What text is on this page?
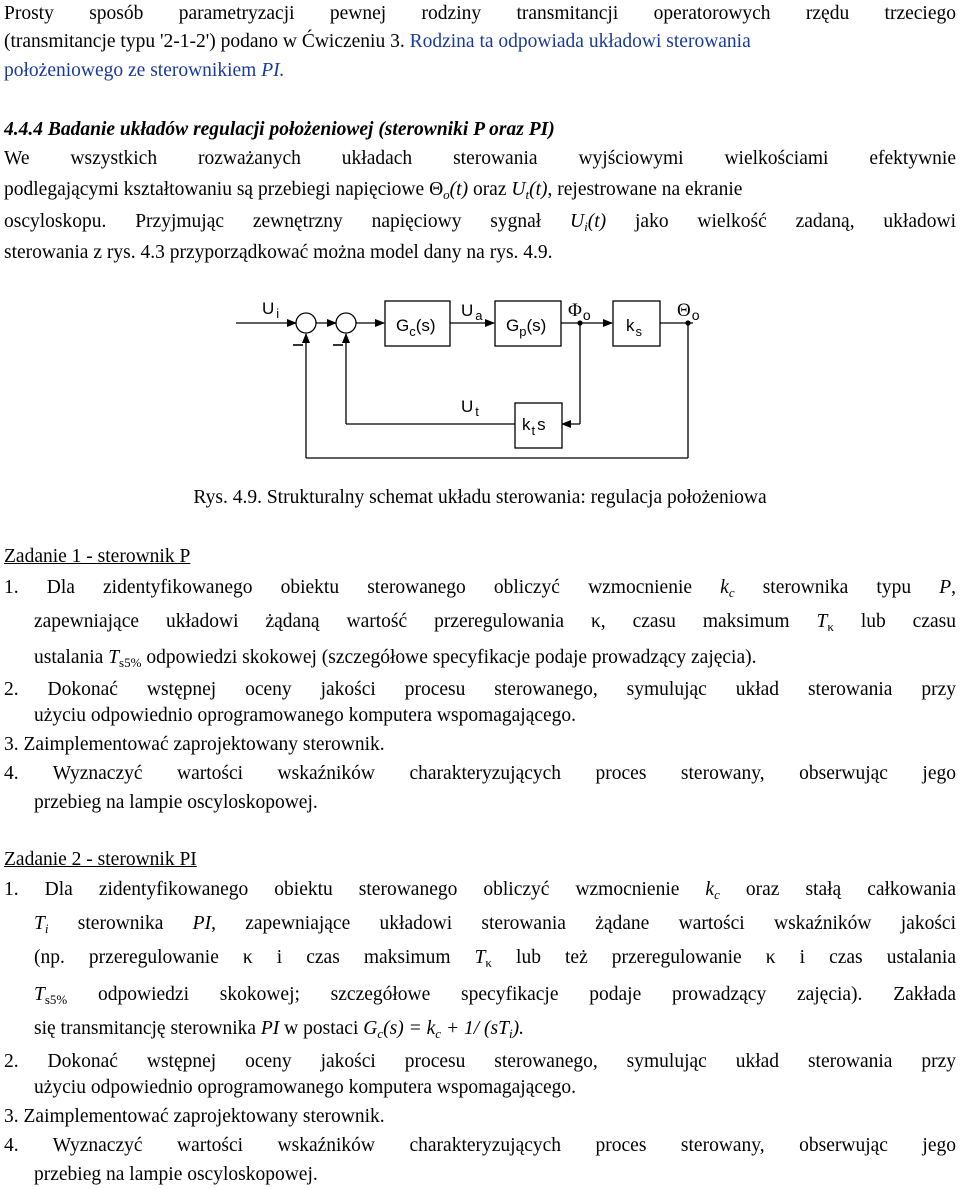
Prosty sposób parametryzacji pewnej rodziny transmitancji operatorowych rzędu trzeciego
(transmitancje typu '2-1-2') podano w Ćwiczeniu 3. Rodzina ta odpowiada układowi sterowania
położeniowego ze sterownikiem PI.
4.4.4 Badanie układów regulacji położeniowej (sterowniki P oraz PI)
We wszystkich rozważanych układach sterowania wyjściowymi wielkościami efektywnie
podlegającymi kształtowaniu są przebiegi napięciowe $\Theta_o(t)$ oraz $U_t(t)$, rejestrowane na ekranie
oscyloskopu. Przyjmując zewnętrzny napięciowy sygnał $U_i(t)$ jako wielkość zadaną, układowi
sterowania z rys. 4.3 przyporządkować można model dany na rys. 4.9.
U $_i$
$G_c(s)$
U $_a$
$G_p(s)$
$\Phi_o$
$k_s$
$\Theta_o$
U $_t$
$k_t$ s
Rys. 4.9. Strukturalny schemat układu sterowania: regulacja położeniowa
Zadanie 1 - sterownik P
1. Dla zidentyfikowanego obiektu sterowanego obliczyć wzmocnienie $k_c$ sterownika typu P,
zapewniające układowi żądaną wartość przeregulowania κ, czasu maksimum $T_\kappa$ lub czasu
ustalania $T_{s5\%}$ odpowiedzi skokowej (szczegółowe specyfikacje podaje prowadzący zajęcia).
2. Dokonać wstępnej oceny jakości procesu sterowanego, symulując układ sterowania przy
użyciu odpowiednio oprogramowanego komputera wspomagającego.
3. Zaimplementować zaprojektowany sterownik.
4. Wyznaczyć wartości wskaźników charakteryzujących proces sterowany, obserwując jego
przebieg na lampie oscyloskopowej.
Zadanie 2 - sterownik PI
1. Dla zidentyfikowanego obiektu sterowanego obliczyć wzmocnienie $k_c$ oraz stałą całkowania
$T_i$ sterownika PI, zapewniające układowi sterowania żądane wartości wskaźników jakości
(np. przeregulowanie κ i czas maksimum $T_\kappa$ lub też przeregulowanie κ i czas ustalania
$T_{s5\%}$ odpowiedzi skokowej; szczegółowe specyfikacje podaje prowadzący zajęcia). Zakłada
się transmitancję sterownika PI w postaci $G_c(s) = k_c + 1/$ $(sT_i)$.
2. Dokonać wstępnej oceny jakości procesu sterowanego, symulując układ sterowania przy
użyciu odpowiednio oprogramowanego komputera wspomagającego.
3. Zaimplementować zaprojektowany sterownik.
4. Wyznaczyć wartości wskaźników charakteryzujących proces sterowany, obserwując jego
przebieg na lampie oscyloskopowej.
